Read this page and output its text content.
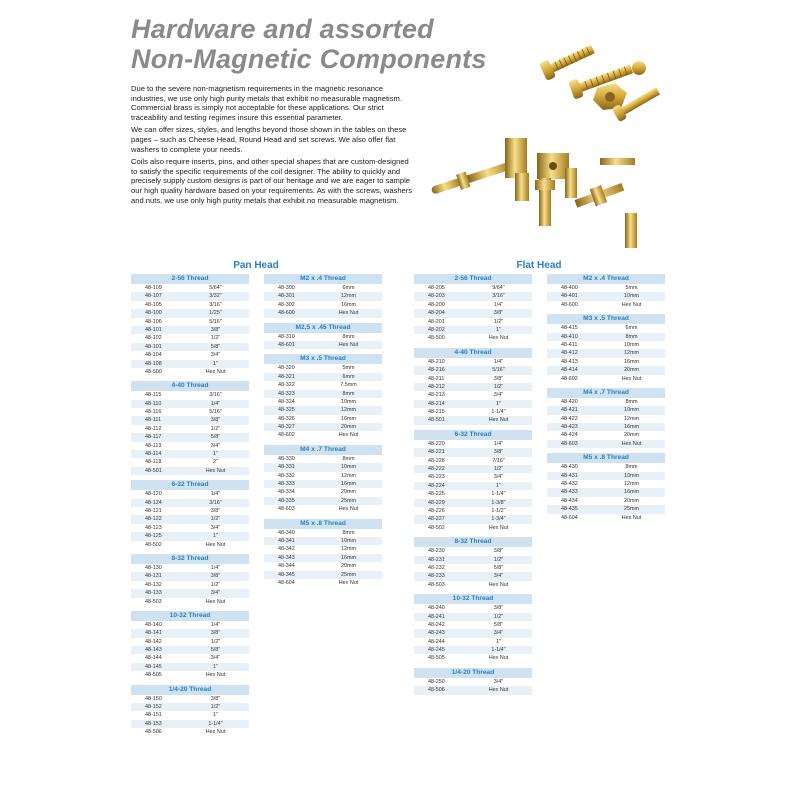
Hardware and assorted
Non-Magnetic Components

Due to the severe non-magnetism requirements in the magnetic resonance industries, we use only high purity metals that exhibit no measurable magnetism. Commercial brass is simply not acceptable for these applications. Our strict traceability and testing regimes insure this essential parameter.

We can offer sizes, styles, and lengths beyond those shown in the tables on these pages – such as Cheese Head, Round Head and set screws. We also offer flat washers to complete your needs.

Coils also require inserts, pins, and other special shapes that are custom-designed to satisfy the specific requirements of the coil designer. The ability to quickly and precisely supply custom designs is part of our heritage and we are eager to sample our high quality hardware based on your requirements. As with the screws, washers and nuts, we use only high purity metals that exhibit no measurable magnetism.

Pan Head	Flat Head
2-56 Thread
48-109	5/64"
48-107	3/32"
48-105	3/16"
48-100	1/25"
48-106	5/16"
48-101	3/8"
48-102	1/2"
48-101	5/8"
48-104	3/4"
48-108	1"
48-500	Hex Nut
4-40 Thread
48-115	3/16"
48-110	1/4"
48-116	5/16"
48-111	3/8"
48-112	1/2"
48-117	5/8"
48-113	3/4"
48-114	1"
48-118	2"
48-501	Hex Nut
6-32 Thread
48-120	1/4"
48-124	3/16"
48-121	3/8"
48-122	1/2"
48-123	3/4"
48-125	1"
48-502	Hex Nut
8-32 Thread
48-130	1/4"
48-131	3/8"
48-132	1/2"
48-133	3/4"
48-503	Hex Nut
10-32 Thread
48-140	1/4"
48-141	3/8"
48-142	1/2"
48-143	5/8"
48-144	3/4"
48-145	1"
48-505	Hex Nut
1/4-20 Thread
48-150	3/8"
48-152	1/2"
48-151	1"
48-153	1-1/4"
48-506	Hex Nut
M2 x .4 Thread
48-300	6mm
48-301	12mm
48-302	16mm
48-600	Hex Nut
M2.5 x .45 Thread
48-310	8mm
48-601	Hex Nut
M3 x .5 Thread
48-320	5mm
48-321	6mm
48-322	7.5mm
48-323	8mm
48-324	10mm
48-325	12mm
48-326	16mm
48-327	20mm
48-602	Hex Nut
M4 x .7 Thread
48-330	8mm
48-331	10mm
48-332	12mm
48-333	16mm
48-334	20mm
48-335	25mm
48-603	Hex Nut
M5 x .8 Thread
48-340	8mm
48-341	10mm
48-342	12mm
48-343	16mm
48-344	20mm
48-345	25mm
48-604	Hex Nut
2-56 Thread
48-205	9/64"
48-203	3/16"
48-200	1/4"
48-204	3/8"
48-201	1/2"
48-202	1"
48-500	Hex Nut
4-40 Thread
48-210	1/4"
48-216	5/16"
48-211	3/8"
48-212	1/2"
48-213	3/4"
48-214	1"
48-215	1-1/4"
48-501	Hex Nut
6-32 Thread
48-220	1/4"
48-221	3/8"
48-228	7/16"
48-222	1/2"
48-223	3/4"
48-224	1"
48-225	1-1/4"
48-229	1-3/8"
48-226	1-1/2"
48-227	1-3/4"
48-502	Hex Nut
8-32 Thread
48-230	3/8"
48-231	1/2"
48-232	5/8"
48-233	3/4"
48-503	Hex Nut
10-32 Thread
48-240	3/8"
48-241	1/2"
48-242	5/8"
48-243	3/4"
48-244	1"
48-245	1-1/4"
48-505	Hex Nut
1/4-20 Thread
48-250	3/4"
48-506	Hex Nut
M2 x .4 Thread
48-400	5mm
48-401	10mm
48-600	Hex Nut
M3 x .5 Thread
48-415	6mm
48-410	8mm
48-411	10mm
48-412	12mm
48-413	16mm
48-414	20mm
48-602	Hex Nut
M4 x .7 Thread
48-420	8mm
48-421	10mm
48-422	12mm
48-423	16mm
48-424	20mm
48-603	Hex Nut
M5 x .8 Thread
48-430	8mm
48-431	10mm
48-432	12mm
48-433	16mm
48-434	20mm
48-435	25mm
48-604	Hex Nut
